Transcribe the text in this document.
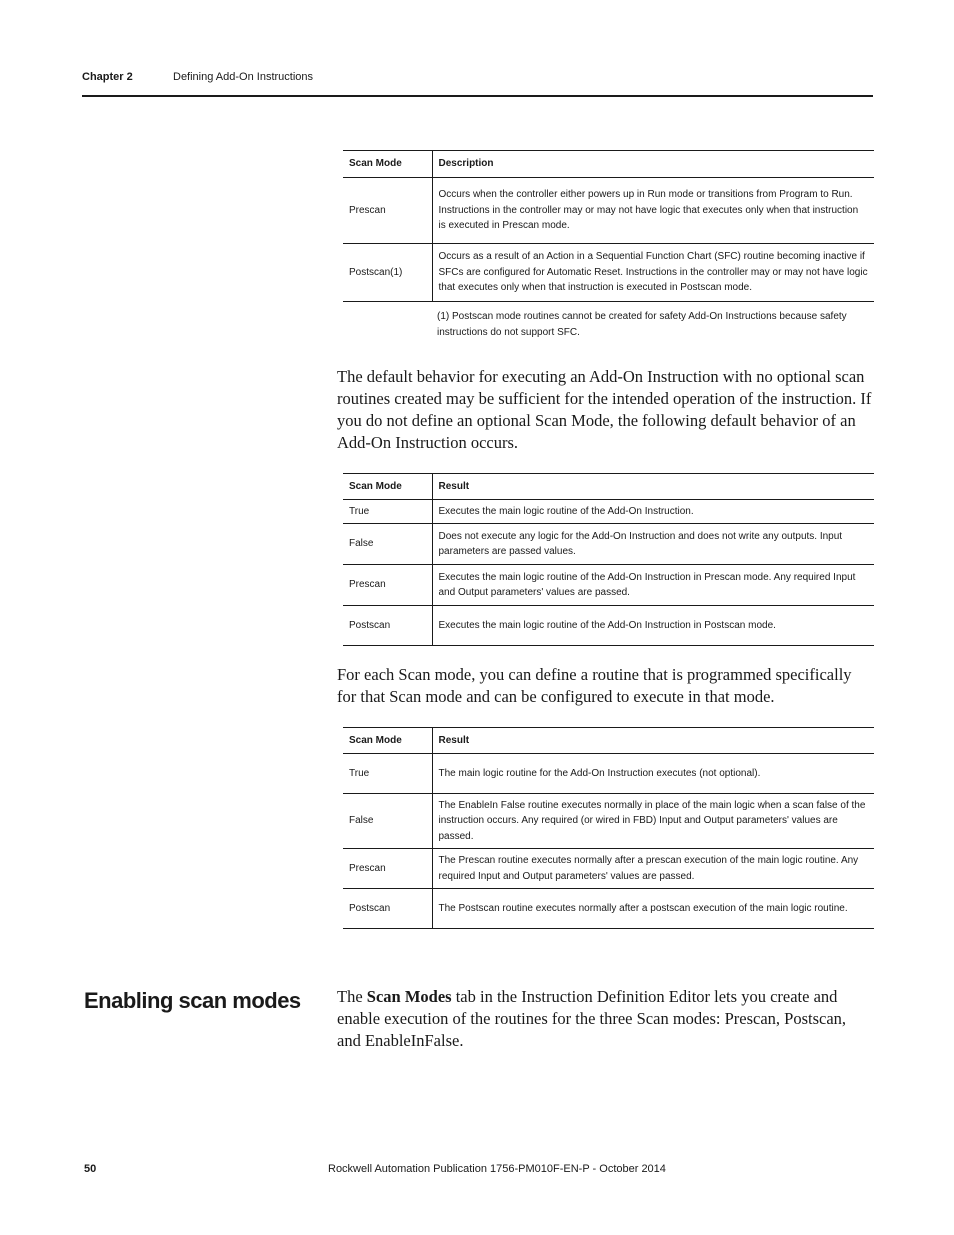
Chapter 2	Defining Add-On Instructions
Scan Mode	Description
Prescan	Occurs when the controller either powers up in Run mode or transitions from Program to Run. Instructions in the controller may or may not have logic that executes only when that instruction is executed in Prescan mode.
Postscan(1)	Occurs as a result of an Action in a Sequential Function Chart (SFC) routine becoming inactive if SFCs are configured for Automatic Reset. Instructions in the controller may or may not have logic that executes only when that instruction is executed in Postscan mode.
(1) Postscan mode routines cannot be created for safety Add-On Instructions because safety instructions do not support SFC.
The default behavior for executing an Add-On Instruction with no optional scan routines created may be sufficient for the intended operation of the instruction. If you do not define an optional Scan Mode, the following default behavior of an Add-On Instruction occurs.
Scan Mode	Result
True	Executes the main logic routine of the Add-On Instruction.
False	Does not execute any logic for the Add-On Instruction and does not write any outputs. Input parameters are passed values.
Prescan	Executes the main logic routine of the Add-On Instruction in Prescan mode. Any required Input and Output parameters' values are passed.
Postscan	Executes the main logic routine of the Add-On Instruction in Postscan mode.
For each Scan mode, you can define a routine that is programmed specifically for that Scan mode and can be configured to execute in that mode.
Scan Mode	Result
True	The main logic routine for the Add-On Instruction executes (not optional).
False	The EnableIn False routine executes normally in place of the main logic when a scan false of the instruction occurs. Any required (or wired in FBD) Input and Output parameters' values are passed.
Prescan	The Prescan routine executes normally after a prescan execution of the main logic routine. Any required Input and Output parameters' values are passed.
Postscan	The Postscan routine executes normally after a postscan execution of the main logic routine.
Enabling scan modes The Scan Modes tab in the Instruction Definition Editor lets you create and enable execution of the routines for the three Scan modes: Prescan, Postscan, and EnableInFalse.
50	Rockwell Automation Publication 1756-PM010F-EN-P - October 2014
